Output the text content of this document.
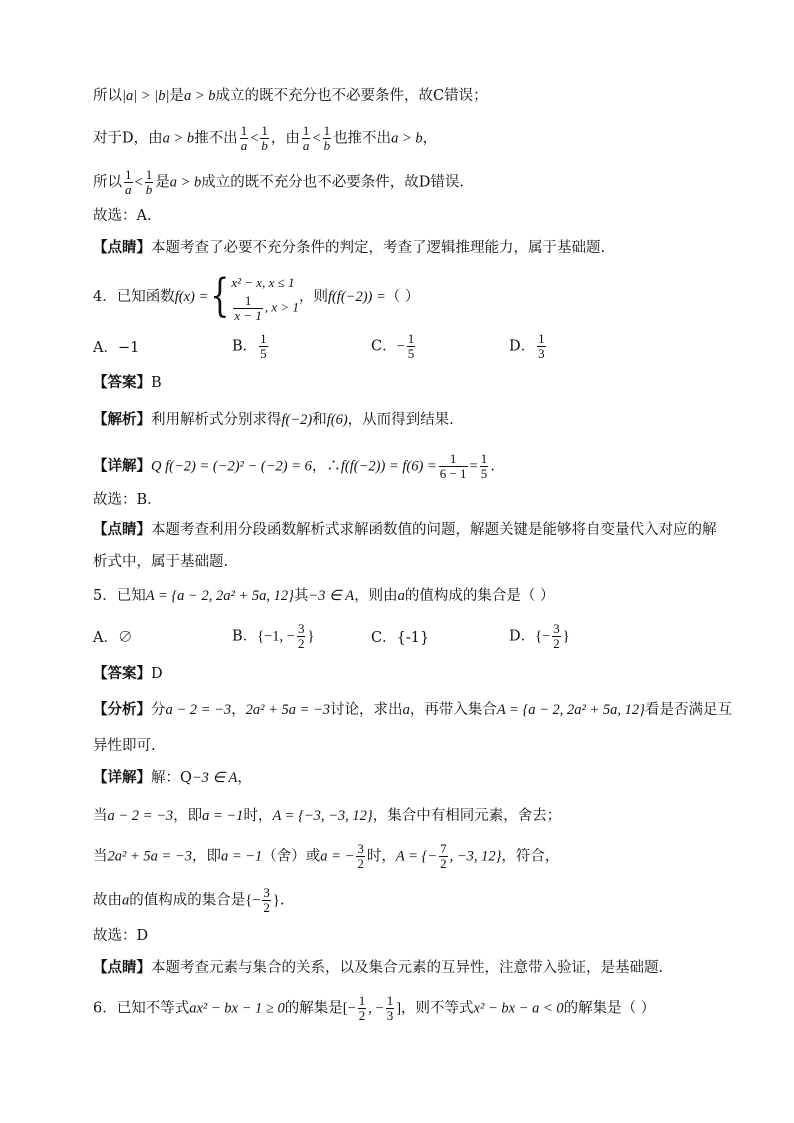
所以|a| > |b|是a > b成立的既不充分也不必要条件，故C错误；
对于D，由a > b推不出 $\frac{1}{a} < \frac{1}{b}$ ，由 $\frac{1}{a} < \frac{1}{b}$ 也推不出a > b，
所以 $\frac{1}{a} < \frac{1}{b}$ 是a > b成立的既不充分也不必要条件，故D错误.
故选：A.
【点睛】本题考查了必要不充分条件的判定，考查了逻辑推理能力，属于基础题.
4．已知函数f(x) ={ x² − x, x ≤ 1
$\frac{1}{x - 1}$ , x > 1
，则f(f(−2)) =（ ）
A．−1	B． $\frac{1}{5}$	C．− $\frac{1}{5}$	D． $\frac{1}{3}$
【答案】B
【解析】利用解析式分别求得f(−2)和f(6)，从而得到结果.
【详解】Q f(−2) = (−2)² − (−2) = 6，∴f(f(−2)) = $f(6) = \frac{1}{6 - 1} = \frac{1}{5}$ .
故选：B．
【点睛】本题考查利用分段函数解析式求解函数值的问题，解题关键是能够将自变量代入对应的解
析式中，属于基础题.
5．已知A = {a − 2, 2a² + 5a, 12}其−3 ∈ A，则由a的值构成的集合是（ ）
A．∅	B．{−1, − $\frac{3}{2}$ }	C．{-1}	D．{− $\frac{3}{2}$ }
【答案】D
【分析】分a − 2 = −3，2a² + 5a = −3讨论，求出a，再带入集合A = {a − 2, 2a² + 5a, 12}看是否满足互
异性即可.
【详解】解：Q−3 ∈ A，
当a − 2 = −3，即a = −1时，A = {−3, −3, 12}，集合中有相同元素，舍去；
当2a² + 5a = −3，即a = −1（舍）或a = − $\frac{3}{2}$ 时，A = {− $\frac{7}{2}$ , −3, 12}，符合，
故由a的值构成的集合是{− $\frac{3}{2}$ }.
故选：D
【点睛】本题考查元素与集合的关系，以及集合元素的互异性，注意带入验证，是基础题.
6．已知不等式ax² − bx − 1 ≥ 0的解集是[− $\frac{1}{2}$ , − $\frac{1}{3}$ ]，则不等式x² − bx − a < 0的解集是（ ）
